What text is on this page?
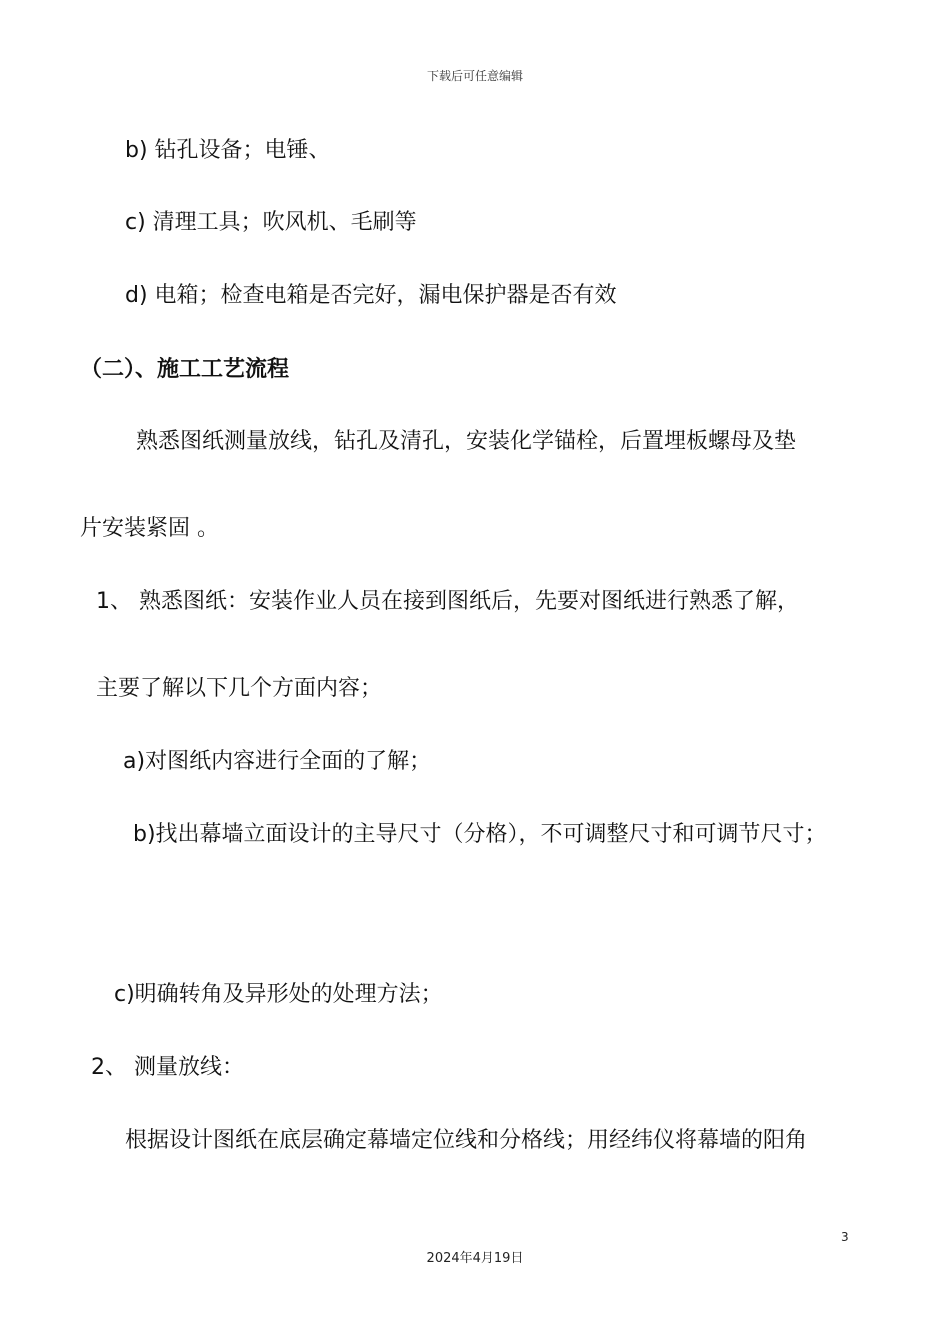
下载后可任意编辑
b) 钻孔设备；电锤、
c) 清理工具；吹风机、毛刷等
d) 电箱；检查电箱是否完好，漏电保护器是否有效
（二）、施工工艺流程
熟悉图纸测量放线，钻孔及清孔，安装化学锚栓，后置埋板螺母及垫
片安装紧固 。
1、 熟悉图纸：安装作业人员在接到图纸后，先要对图纸进行熟悉了解，
主要了解以下几个方面内容；
a)对图纸内容进行全面的了解；
b)找出幕墙立面设计的主导尺寸（分格），不可调整尺寸和可调节尺寸；
c)明确转角及异形处的处理方法；
2、 测量放线：
根据设计图纸在底层确定幕墙定位线和分格线；用经纬仪将幕墙的阳角
3
2024年4月19日
